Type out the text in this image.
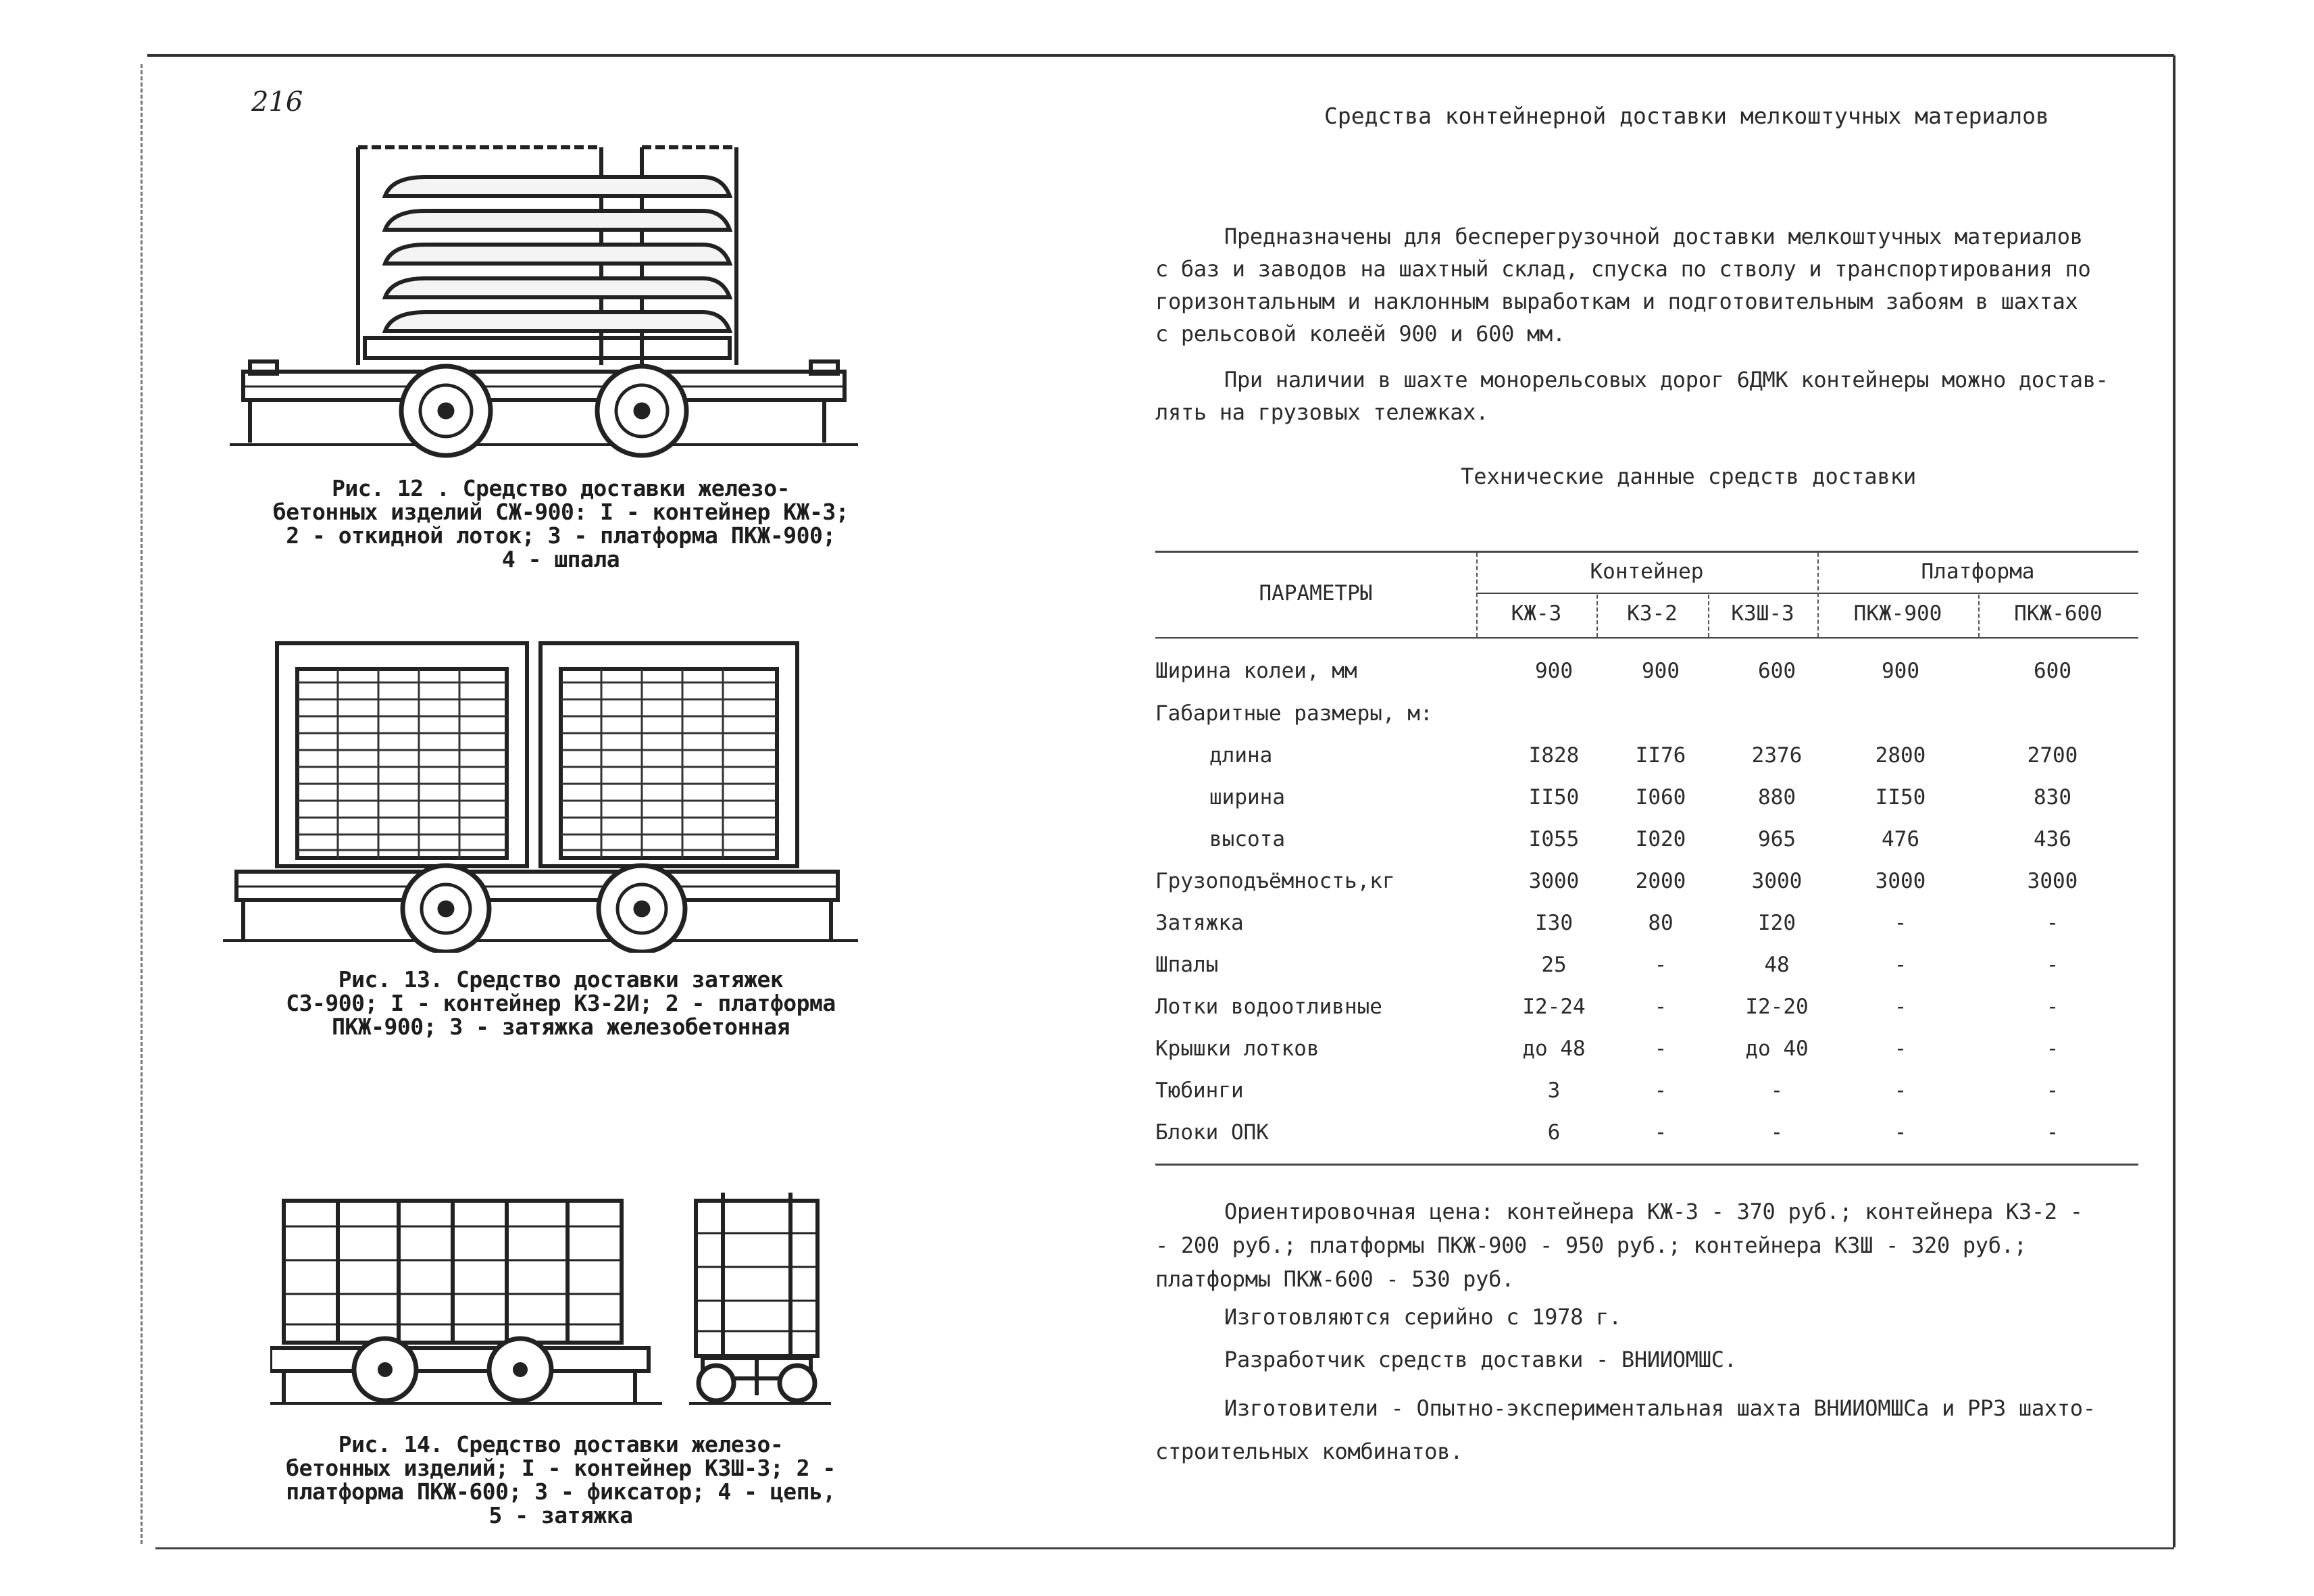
216
Рис. 12 . Средство доставки железо-
бетонных изделий СЖ-900: I - контейнер КЖ-3;
2 - откидной лоток; 3 - платформа ПКЖ-900;
4 - шпала
Рис. 13. Средство доставки затяжек
СЗ-900; I - контейнер КЗ-2И; 2 - платформа
ПКЖ-900; 3 - затяжка железобетонная
Рис. 14. Средство доставки железо-
бетонных изделий; I - контейнер КЗШ-3; 2 -
платформа ПКЖ-600; 3 - фиксатор; 4 - цепь,
5 - затяжка
Средства контейнерной доставки мелкоштучных материалов
Предназначены для бесперегрузочной доставки мелкоштучных материалов
с баз и заводов на шахтный склад, спуска по стволу и транспортирования по
горизонтальным и наклонным выработкам и подготовительным забоям в шахтах
с рельсовой колеёй 900 и 600 мм.
При наличии в шахте монорельсовых дорог 6ДМК контейнеры можно достав-
лять на грузовых тележках.
Технические данные средств доставки
ПАРАМЕТРЫ
Контейнер	Платформа
КЖ-3	КЗ-2	КЗШ-3	ПКЖ-900	ПКЖ-600
Ширина колеи, мм	900	900	600	900	600
Габаритные размеры, м:
длина	I828	II76	2376	2800	2700
ширина	II50	I060	880	II50	830
высота	I055	I020	965	476	436
Грузоподъёмность,кг	3000	2000	3000	3000	3000
Затяжка	I30	80	I20	-	-
Шпалы	25	-	48	-	-
Лотки водоотливные	I2-24	-	I2-20	-	-
Крышки лотков	до 48	-	до 40	-	-
Тюбинги	3	-	-	-	-
Блоки ОПК	6	-	-	-	-
Ориентировочная цена: контейнера КЖ-3 - 370 руб.; контейнера КЗ-2 -
- 200 руб.; платформы ПКЖ-900 - 950 руб.; контейнера КЗШ - 320 руб.;
платформы ПКЖ-600 - 530 руб.
Изготовляются серийно с 1978 г.
Разработчик средств доставки - ВНИИОМШС.
Изготовители - Опытно-экспериментальная шахта ВНИИОМШСа и РРЗ шахто-
строительных комбинатов.
